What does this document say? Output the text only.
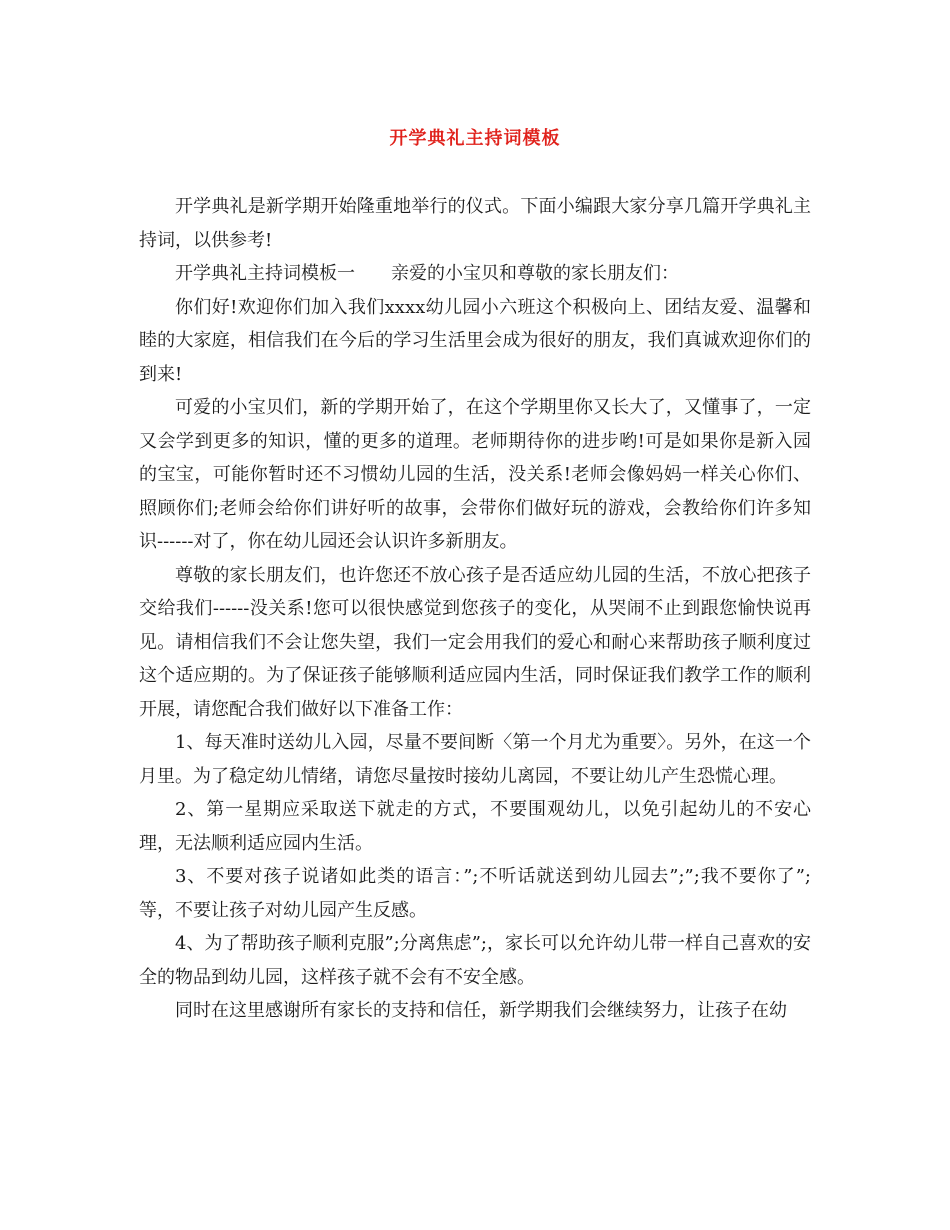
开学典礼主持词模板

开学典礼是新学期开始隆重地举行的仪式。下面小编跟大家分享几篇开学典礼主持词，以供参考!

开学典礼主持词模板一　　亲爱的小宝贝和尊敬的家长朋友们：

你们好!欢迎你们加入我们xxxx幼儿园小六班这个积极向上、团结友爱、温馨和睦的大家庭，相信我们在今后的学习生活里会成为很好的朋友，我们真诚欢迎你们的到来!

可爱的小宝贝们，新的学期开始了，在这个学期里你又长大了，又懂事了，一定又会学到更多的知识，懂的更多的道理。老师期待你的进步哟!可是如果你是新入园的宝宝，可能你暂时还不习惯幼儿园的生活，没关系!老师会像妈妈一样关心你们、照顾你们;老师会给你们讲好听的故事，会带你们做好玩的游戏，会教给你们许多知识------对了，你在幼儿园还会认识许多新朋友。

尊敬的家长朋友们，也许您还不放心孩子是否适应幼儿园的生活，不放心把孩子交给我们------没关系!您可以很快感觉到您孩子的变化，从哭闹不止到跟您愉快说再见。请相信我们不会让您失望，我们一定会用我们的爱心和耐心来帮助孩子顺利度过这个适应期的。为了保证孩子能够顺利适应园内生活，同时保证我们教学工作的顺利开展，请您配合我们做好以下准备工作：

1、每天准时送幼儿入园，尽量不要间断〈第一个月尤为重要〉。另外，在这一个月里。为了稳定幼儿情绪，请您尽量按时接幼儿离园，不要让幼儿产生恐慌心理。

2、第一星期应采取送下就走的方式，不要围观幼儿，以免引起幼儿的不安心理，无法顺利适应园内生活。

3、不要对孩子说诸如此类的语言：”;不听话就送到幼儿园去”;”;我不要你了”;等，不要让孩子对幼儿园产生反感。

4、为了帮助孩子顺利克服”;分离焦虑”;，家长可以允许幼儿带一样自己喜欢的安全的物品到幼儿园，这样孩子就不会有不安全感。

同时在这里感谢所有家长的支持和信任，新学期我们会继续努力，让孩子在幼
